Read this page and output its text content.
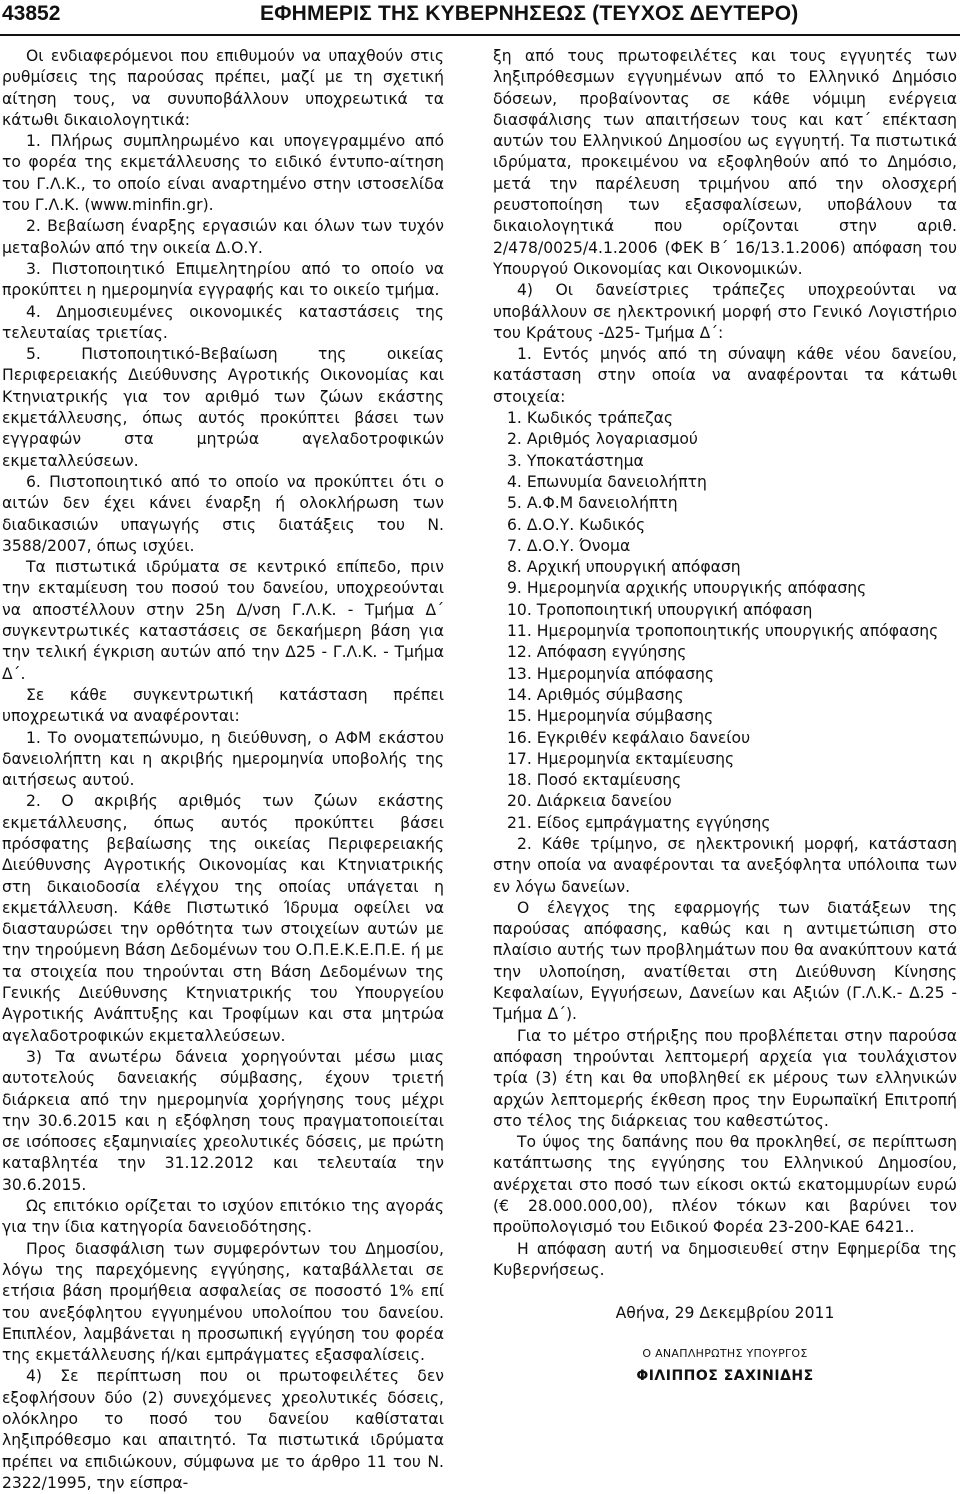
43852	ΕΦΗΜΕΡΙΣ ΤΗΣ ΚΥΒΕΡΝΗΣΕΩΣ (ΤΕΥΧΟΣ ΔΕΥΤΕΡΟ)

Οι ενδιαφερόμενοι που επιθυμούν να υπαχθούν στις ρυθμίσεις της παρούσας πρέπει, μαζί με τη σχετική αίτηση τους, να συνυποβάλλουν υποχρεωτικά τα κάτωθι δικαιολογητικά:

1. Πλήρως συμπληρωμένο και υπογεγραμμένο από το φορέα της εκμετάλλευσης το ειδικό έντυπο-αίτηση του Γ.Λ.Κ., το οποίο είναι αναρτημένο στην ιστοσελίδα του Γ.Λ.Κ. (www.minfin.gr).

2. Βεβαίωση έναρξης εργασιών και όλων των τυχόν μεταβολών από την οικεία Δ.Ο.Υ.

3. Πιστοποιητικό Επιμελητηρίου από το οποίο να προκύπτει η ημερομηνία εγγραφής και το οικείο τμήμα.

4. Δημοσιευμένες οικονομικές καταστάσεις της τελευταίας τριετίας.

5. Πιστοποιητικό-Βεβαίωση της οικείας Περιφερειακής Διεύθυνσης Αγροτικής Οικονομίας και Κτηνιατρικής για τον αριθμό των ζώων εκάστης εκμετάλλευσης, όπως αυτός προκύπτει βάσει των εγγραφών στα μητρώα αγελαδοτροφικών εκμεταλλεύσεων.

6. Πιστοποιητικό από το οποίο να προκύπτει ότι ο αιτών δεν έχει κάνει έναρξη ή ολοκλήρωση των διαδικασιών υπαγωγής στις διατάξεις του Ν. 3588/2007, όπως ισχύει.

Τα πιστωτικά ιδρύματα σε κεντρικό επίπεδο, πριν την εκταμίευση του ποσού του δανείου, υποχρεούνται να αποστέλλουν στην 25η Δ/νση Γ.Λ.Κ. - Τμήμα Δ΄ συγκεντρωτικές καταστάσεις σε δεκαήμερη βάση για την τελική έγκριση αυτών από την Δ25 - Γ.Λ.Κ. - Τμήμα Δ΄.

Σε κάθε συγκεντρωτική κατάσταση πρέπει υποχρεωτικά να αναφέρονται:

1. Το ονοματεπώνυμο, η διεύθυνση, ο ΑΦΜ εκάστου δανειολήπτη και η ακριβής ημερομηνία υποβολής της αιτήσεως αυτού.

2. Ο ακριβής αριθμός των ζώων εκάστης εκμετάλλευσης, όπως αυτός προκύπτει βάσει πρόσφατης βεβαίωσης της οικείας Περιφερειακής Διεύθυνσης Αγροτικής Οικονομίας και Κτηνιατρικής στη δικαιοδοσία ελέγχου της οποίας υπάγεται η εκμετάλλευση. Κάθε Πιστωτικό Ίδρυμα οφείλει να διασταυρώσει την ορθότητα των στοιχείων αυτών με την τηρούμενη Βάση Δεδομένων του Ο.Π.Ε.Κ.Ε.Π.Ε. ή με τα στοιχεία που τηρούνται στη Βάση Δεδομένων της Γενικής Διεύθυνσης Κτηνιατρικής του Υπουργείου Αγροτικής Ανάπτυξης και Τροφίμων και στα μητρώα αγελαδοτροφικών εκμεταλλεύσεων.

3) Τα ανωτέρω δάνεια χορηγούνται μέσω μιας αυτοτελούς δανειακής σύμβασης, έχουν τριετή διάρκεια από την ημερομηνία χορήγησης τους μέχρι την 30.6.2015 και η εξόφληση τους πραγματοποιείται σε ισόποσες εξαμηνιαίες χρεολυτικές δόσεις, με πρώτη καταβλητέα την 31.12.2012 και τελευταία την 30.6.2015.

Ως επιτόκιο ορίζεται το ισχύον επιτόκιο της αγοράς για την ίδια κατηγορία δανειοδότησης.

Προς διασφάλιση των συμφερόντων του Δημοσίου, λόγω της παρεχόμενης εγγύησης, καταβάλλεται σε ετήσια βάση προμήθεια ασφαλείας σε ποσοστό 1% επί του ανεξόφλητου εγγυημένου υπολοίπου του δανείου. Επιπλέον, λαμβάνεται η προσωπική εγγύηση του φορέα της εκμετάλλευσης ή/και εμπράγματες εξασφαλίσεις.

4) Σε περίπτωση που οι πρωτοφειλέτες δεν εξοφλήσουν δύο (2) συνεχόμενες χρεολυτικές δόσεις, ολόκληρο το ποσό του δανείου καθίσταται ληξιπρόθεσμο και απαιτητό. Τα πιστωτικά ιδρύματα πρέπει να επιδιώκουν, σύμφωνα με το άρθρο 11 του Ν. 2322/1995, την είσπρα-

ξη από τους πρωτοφειλέτες και τους εγγυητές των ληξιπρόθεσμων εγγυημένων από το Ελληνικό Δημόσιο δόσεων, προβαίνοντας σε κάθε νόμιμη ενέργεια διασφάλισης των απαιτήσεων τους και κατ΄ επέκταση αυτών του Ελληνικού Δημοσίου ως εγγυητή. Τα πιστωτικά ιδρύματα, προκειμένου να εξοφληθούν από το Δημόσιο, μετά την παρέλευση τριμήνου από την ολοσχερή ρευστοποίηση των εξασφαλίσεων, υποβάλουν τα δικαιολογητικά που ορίζονται στην αριθ. 2/478/0025/4.1.2006 (ΦΕΚ Β΄ 16/13.1.2006) απόφαση του Υπουργού Οικονομίας και Οικονομικών.

4) Οι δανείστριες τράπεζες υποχρεούνται να υποβάλλουν σε ηλεκτρονική μορφή στο Γενικό Λογιστήριο του Κράτους -Δ25- Τμήμα Δ΄:

1. Εντός μηνός από τη σύναψη κάθε νέου δανείου, κατάσταση στην οποία να αναφέρονται τα κάτωθι στοιχεία:

1. Κωδικός τράπεζας

2. Αριθμός λογαριασμού

3. Υποκατάστημα

4. Επωνυμία δανειολήπτη

5. Α.Φ.Μ δανειολήπτη

6. Δ.Ο.Υ. Κωδικός

7. Δ.Ο.Υ. Όνομα

8. Αρχική υπουργική απόφαση

9. Ημερομηνία αρχικής υπουργικής απόφασης

10. Τροποποιητική υπουργική απόφαση

11. Ημερομηνία τροποποιητικής υπουργικής απόφασης

12. Απόφαση εγγύησης

13. Ημερομηνία απόφασης

14. Αριθμός σύμβασης

15. Ημερομηνία σύμβασης

16. Εγκριθέν κεφάλαιο δανείου

17. Ημερομηνία εκταμίευσης

18. Ποσό εκταμίευσης

20. Διάρκεια δανείου

21. Είδος εμπράγματης εγγύησης

2. Κάθε τρίμηνο, σε ηλεκτρονική μορφή, κατάσταση στην οποία να αναφέρονται τα ανεξόφλητα υπόλοιπα των εν λόγω δανείων.

Ο έλεγχος της εφαρμογής των διατάξεων της παρούσας απόφασης, καθώς και η αντιμετώπιση στο πλαίσιο αυτής των προβλημάτων που θα ανακύπτουν κατά την υλοποίηση, ανατίθεται στη Διεύθυνση Κίνησης Κεφαλαίων, Εγγυήσεων, Δανείων και Αξιών (Γ.Λ.Κ.- Δ.25 - Τμήμα Δ΄).

Για το μέτρο στήριξης που προβλέπεται στην παρούσα απόφαση τηρούνται λεπτομερή αρχεία για τουλάχιστον τρία (3) έτη και θα υποβληθεί εκ μέρους των ελληνικών αρχών λεπτομερής έκθεση προς την Ευρωπαϊκή Επιτροπή στο τέλος της διάρκειας του καθεστώτος.

Το ύψος της δαπάνης που θα προκληθεί, σε περίπτωση κατάπτωσης της εγγύησης του Ελληνικού Δημοσίου, ανέρχεται στο ποσό των είκοσι οκτώ εκατομμυρίων ευρώ (€ 28.000.000,00), πλέον τόκων και βαρύνει τον προϋπολογισμό του Ειδικού Φορέα 23-200-ΚΑΕ 6421..

Η απόφαση αυτή να δημοσιευθεί στην Εφημερίδα της Κυβερνήσεως.

Αθήνα, 29 Δεκεμβρίου 2011

Ο ΑΝΑΠΛΗΡΩΤΗΣ ΥΠΟΥΡΓΟΣ

ΦΙΛΙΠΠΟΣ ΣΑΧΙΝΙΔΗΣ
